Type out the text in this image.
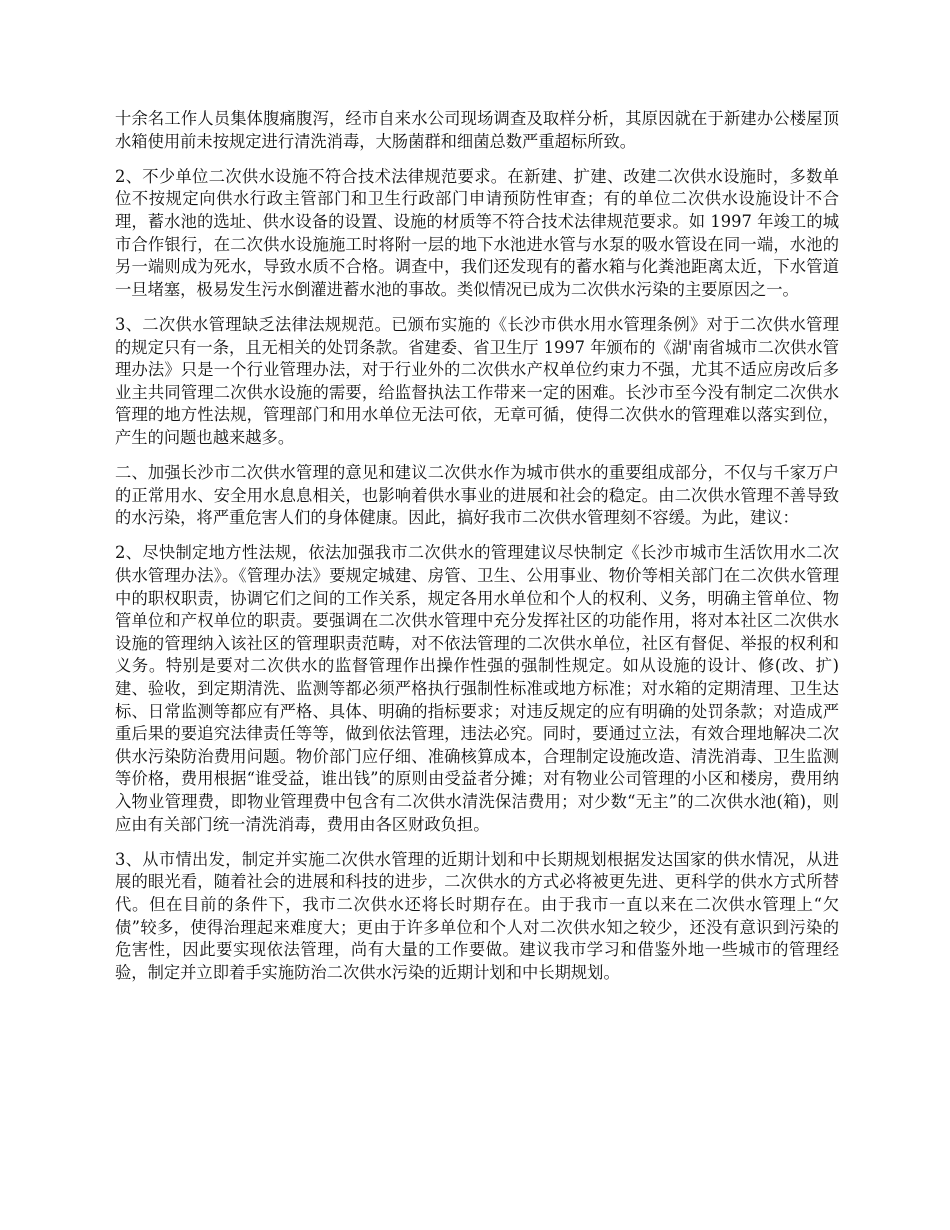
十余名工作人员集体腹痛腹泻，经市自来水公司现场调查及取样分析，其原因就在于新建办公楼屋顶水箱使用前未按规定进行清洗消毒，大肠菌群和细菌总数严重超标所致。

2、不少单位二次供水设施不符合技术法律规范要求。在新建、扩建、改建二次供水设施时，多数单位不按规定向供水行政主管部门和卫生行政部门申请预防性审查；有的单位二次供水设施设计不合理，蓄水池的选址、供水设备的设置、设施的材质等不符合技术法律规范要求。如 1997 年竣工的城市合作银行，在二次供水设施施工时将附一层的地下水池进水管与水泵的吸水管设在同一端，水池的另一端则成为死水，导致水质不合格。调查中，我们还发现有的蓄水箱与化粪池距离太近，下水管道一旦堵塞，极易发生污水倒灌进蓄水池的事故。类似情况已成为二次供水污染的主要原因之一。

3、二次供水管理缺乏法律法规规范。已颁布实施的《长沙市供水用水管理条例》对于二次供水管理的规定只有一条，且无相关的处罚条款。省建委、省卫生厅 1997 年颁布的《湖'南省城市二次供水管理办法》只是一个行业管理办法，对于行业外的二次供水产权单位约束力不强，尤其不适应房改后多业主共同管理二次供水设施的需要，给监督执法工作带来一定的困难。长沙市至今没有制定二次供水管理的地方性法规，管理部门和用水单位无法可依，无章可循，使得二次供水的管理难以落实到位，产生的问题也越来越多。

二、加强长沙市二次供水管理的意见和建议二次供水作为城市供水的重要组成部分，不仅与千家万户的正常用水、安全用水息息相关，也影响着供水事业的进展和社会的稳定。由二次供水管理不善导致的水污染，将严重危害人们的身体健康。因此，搞好我市二次供水管理刻不容缓。为此，建议：

2、尽快制定地方性法规，依法加强我市二次供水的管理建议尽快制定《长沙市城市生活饮用水二次供水管理办法》。《管理办法》要规定城建、房管、卫生、公用事业、物价等相关部门在二次供水管理中的职权职责，协调它们之间的工作关系，规定各用水单位和个人的权利、义务，明确主管单位、物管单位和产权单位的职责。要强调在二次供水管理中充分发挥社区的功能作用，将对本社区二次供水设施的管理纳入该社区的管理职责范畴，对不依法管理的二次供水单位，社区有督促、举报的权利和义务。特别是要对二次供水的监督管理作出操作性强的强制性规定。如从设施的设计、修(改、扩)建、验收，到定期清洗、监测等都必须严格执行强制性标准或地方标准；对水箱的定期清理、卫生达标、日常监测等都应有严格、具体、明确的指标要求；对违反规定的应有明确的处罚条款；对造成严重后果的要追究法律责任等等，做到依法管理，违法必究。同时，要通过立法，有效合理地解决二次供水污染防治费用问题。物价部门应仔细、准确核算成本，合理制定设施改造、清洗消毒、卫生监测等价格，费用根据“谁受益，谁出钱”的原则由受益者分摊；对有物业公司管理的小区和楼房，费用纳入物业管理费，即物业管理费中包含有二次供水清洗保洁费用；对少数“无主”的二次供水池(箱)，则应由有关部门统一清洗消毒，费用由各区财政负担。

3、从市情出发，制定并实施二次供水管理的近期计划和中长期规划根据发达国家的供水情况，从进展的眼光看，随着社会的进展和科技的进步，二次供水的方式必将被更先进、更科学的供水方式所替代。但在目前的条件下，我市二次供水还将长时期存在。由于我市一直以来在二次供水管理上“欠债”较多，使得治理起来难度大；更由于许多单位和个人对二次供水知之较少，还没有意识到污染的危害性，因此要实现依法管理，尚有大量的工作要做。建议我市学习和借鉴外地一些城市的管理经验，制定并立即着手实施防治二次供水污染的近期计划和中长期规划。
